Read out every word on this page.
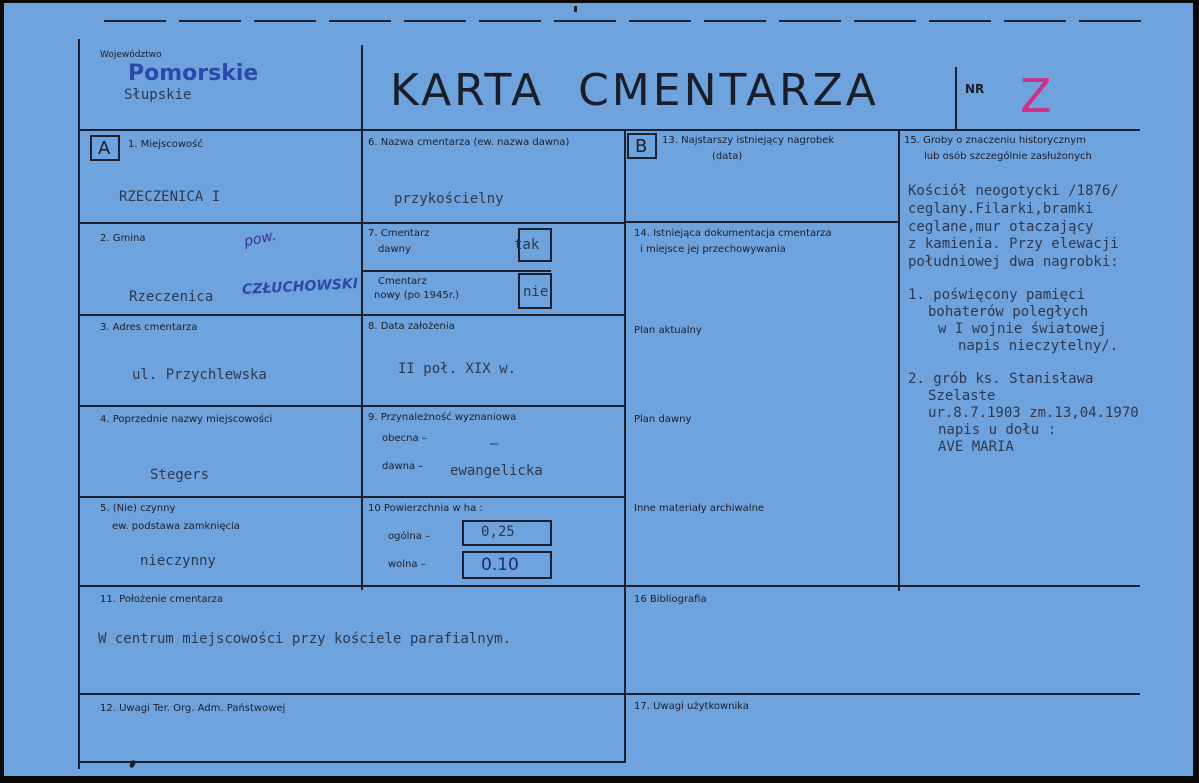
Województwo
Pomorskie
Słupskie	KARTA  CMENTARZA	NR Z
A	B
1. Miejscowość
RZECZENICA I
2. Gmina	pow.
Rzeczenica CZŁUCHOWSKI
3. Adres cmentarza
ul. Przychlewska
4. Poprzednie nazwy miejscowości
Stegers
5. (Nie) czynny
ew. podstawa zamknięcia
nieczynny
6. Nazwa cmentarza (ew. nazwa dawna)
przykościelny
7. Cmentarz
dawny	tak
Cmentarz
nowy (po 1945r.)	nie
8. Data założenia
II poł. XIX w.
9. Przynależność wyznaniowa
obecna –	–
dawna – ewangelicka
10 Powierzchnia w ha :
ogólna –	0,25
wolna –	0.10
11. Położenie cmentarza
W centrum miejscowości przy kościele parafialnym.
12. Uwagi Ter. Org. Adm. Państwowej
13. Najstarszy istniejący nagrobek
(data)
14. Istniejąca dokumentacja cmentarza
i miejsce jej przechowywania
Plan aktualny
Plan dawny
Inne materiały archiwalne
15. Groby o znaczeniu historycznym
lub osób szczególnie zasłużonych
Kościół neogotycki /1876/
ceglany.Filarki,bramki
ceglane,mur otaczający
z kamienia. Przy elewacji
południowej dwa nagrobki:
1. poświęcony pamięci
bohaterów poległych
w I wojnie światowej
napis nieczytelny/.
2. grób ks. Stanisława
Szelaste
ur.8.7.1903 zm.13,04.1970
napis u dołu :
AVE MARIA
16 Bibliografia
17. Uwagi użytkownika
